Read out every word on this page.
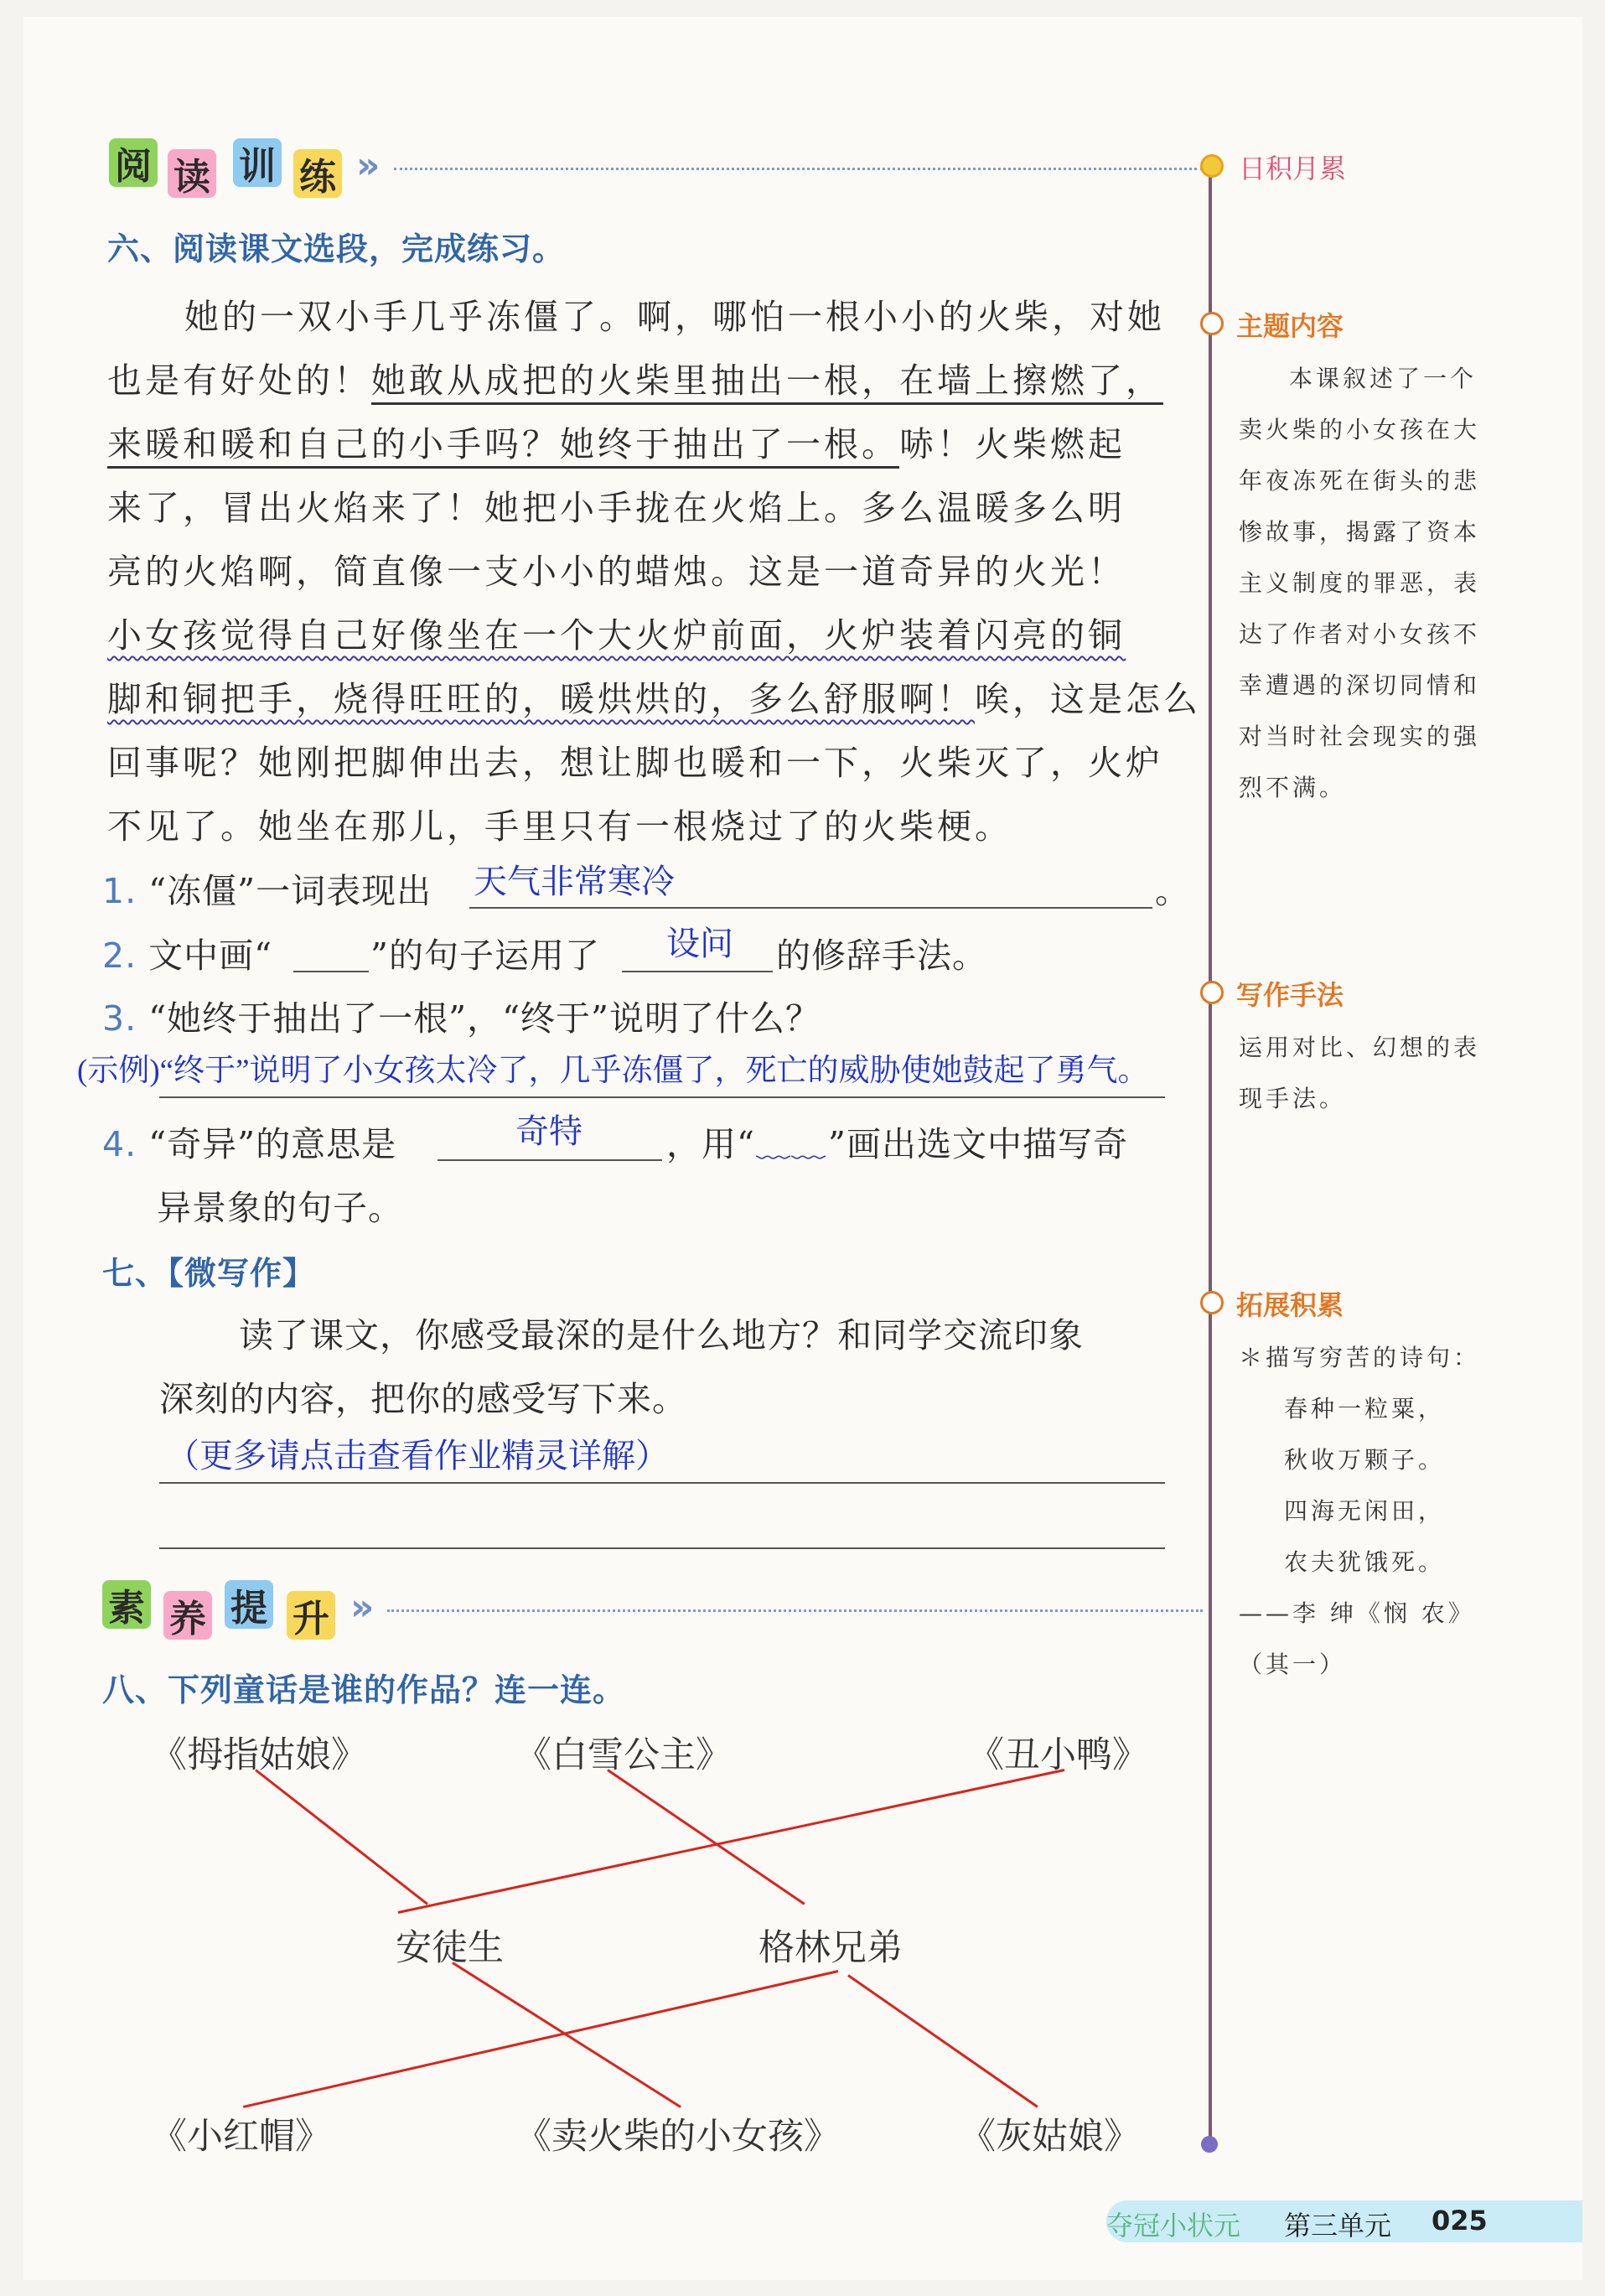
阅 读 训 练 »	日积月累
主题内容
本课叙述了一个
卖火柴的小女孩在大
年夜冻死在街头的悲
惨故事，揭露了资本
主义制度的罪恶，表
达了作者对小女孩不
幸遭遇的深切同情和
对当时社会现实的强
烈不满。
写作手法
运用对比、幻想的表
现手法。
拓展积累
＊描写穷苦的诗句：
春种一粒粟，
秋收万颗子。
四海无闲田，
农夫犹饿死。
——李 绅《悯 农》
（其一）
六、阅读课文选段，完成练习。
她的一双小手几乎冻僵了。啊，哪怕一根小小的火柴，对她
也是有好处的！她敢从成把的火柴里抽出一根，在墙上擦燃了，
来暖和暖和自己的小手吗？她终于抽出了一根。哧！火柴燃起
来了，冒出火焰来了！她把小手拢在火焰上。多么温暖多么明
亮的火焰啊，简直像一支小小的蜡烛。这是一道奇异的火光！
小女孩觉得自己好像坐在一个大火炉前面，火炉装着闪亮的铜
脚和铜把手，烧得旺旺的，暖烘烘的，多么舒服啊！唉，这是怎么
回事呢？她刚把脚伸出去，想让脚也暖和一下，火柴灭了，火炉
不见了。她坐在那儿，手里只有一根烧过了的火柴梗。
1. “冻僵”一词表现出	。
天气非常寒冷
2. 文中画“	”的句子运用了 设问 的修辞手法。
3. “她终于抽出了一根”，“终于”说明了什么？
(示例)“终于”说明了小女孩太冷了，几乎冻僵了，死亡的威胁使她鼓起了勇气。
4. “奇异”的意思是	奇特 ，用“ ﹏﹏ ”画出选文中描写奇
异景象的句子。
七、【微写作】
读了课文，你感受最深的是什么地方？和同学交流印象
深刻的内容，把你的感受写下来。
（更多请点击查看作业精灵详解）
素 养 提 升 »
八、下列童话是谁的作品？连一连。
《拇指姑娘》	《白雪公主》	《丑小鸭》
安徒生	格林兄弟
《小红帽》	《卖火柴的小女孩》	《灰姑娘》
夺冠小状元 第三单元 025
